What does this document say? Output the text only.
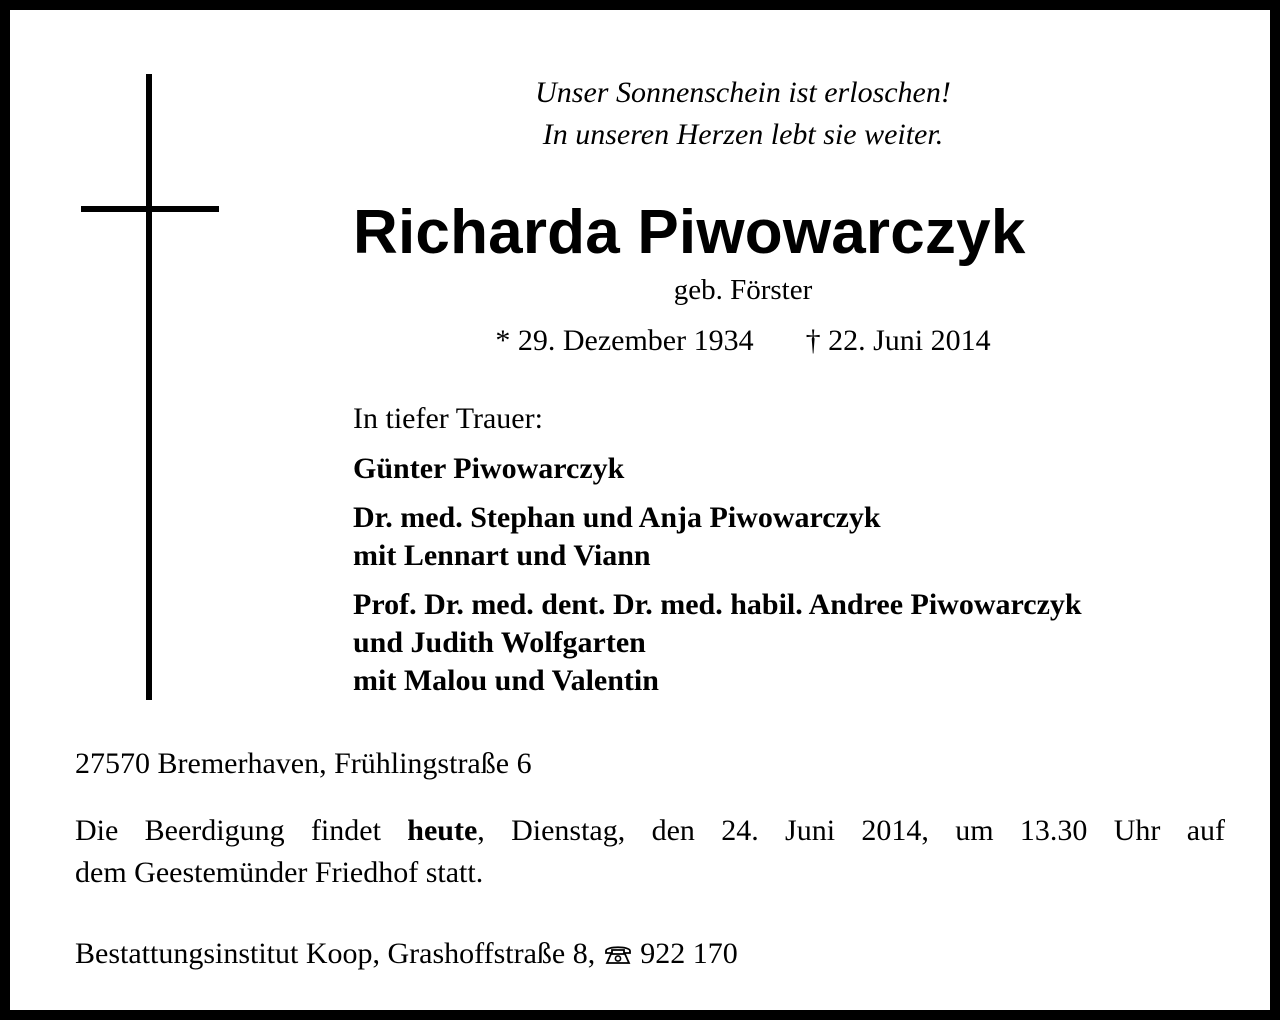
Unser Sonnenschein ist erloschen!
In unseren Herzen lebt sie weiter.
Richarda Piwowarczyk
geb. Förster
* 29. Dezember 1934 † 22. Juni 2014
In tiefer Trauer:
Günter Piwowarczyk
Dr. med. Stephan und Anja Piwowarczyk
mit Lennart und Viann
Prof. Dr. med. dent. Dr. med. habil. Andree Piwowarczyk
und Judith Wolfgarten
mit Malou und Valentin
27570 Bremerhaven, Frühlingstraße 6
Die Beerdigung findet heute, Dienstag, den 24. Juni 2014, um 13.30 Uhr auf
dem Geestemünder Friedhof statt.
Bestattungsinstitut Koop, Grashoffstraße 8, 922 170
